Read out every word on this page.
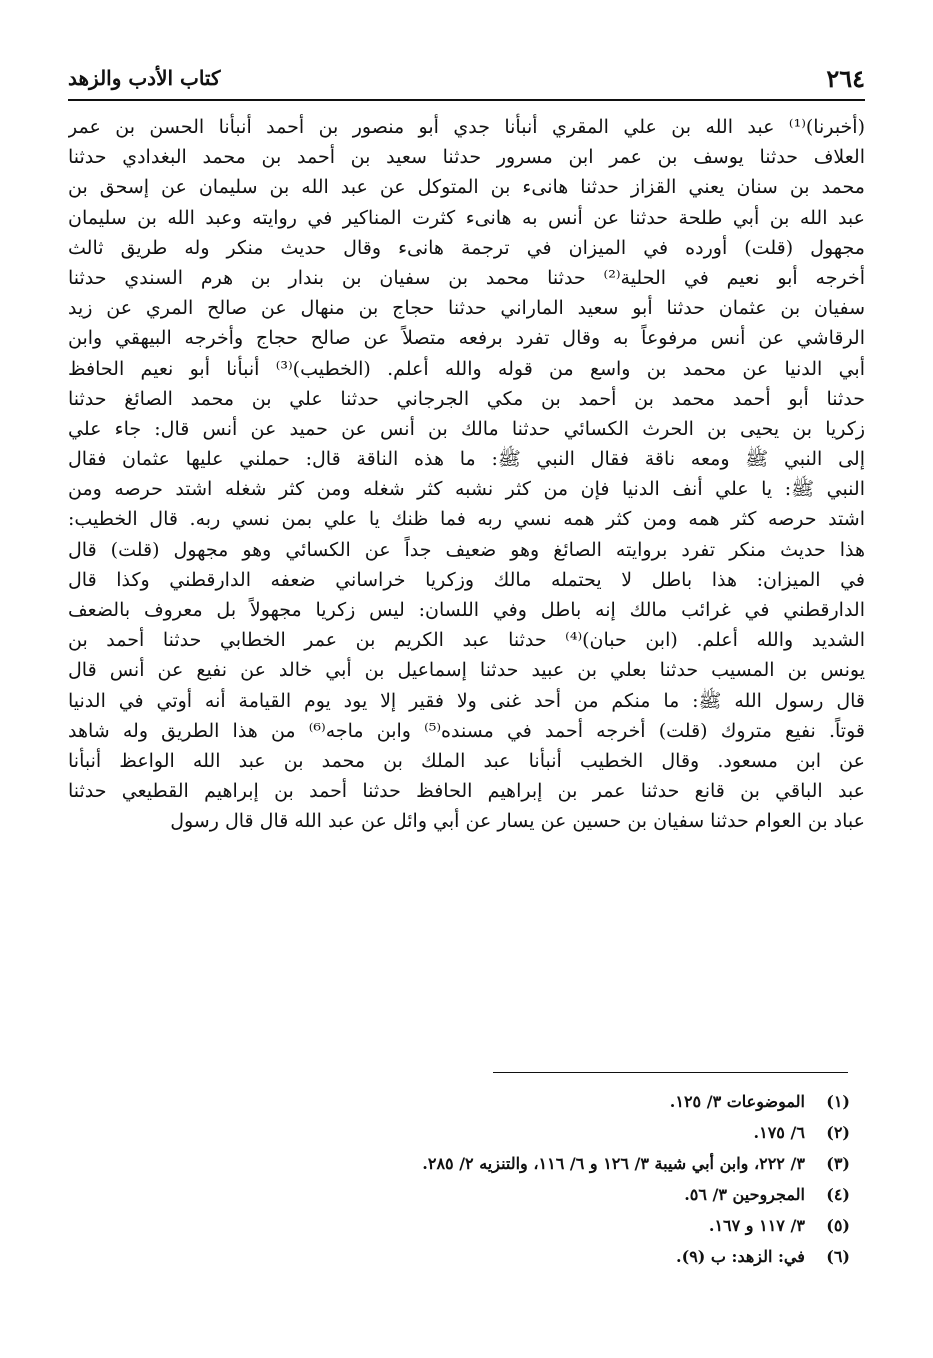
٢٦٤
كتاب الأدب والزهد
(أخبرنا)⁽¹⁾ عبد الله بن علي المقري أنبأنا جدي أبو منصور بن أحمد أنبأنا الحسن بن عمر
العلاف حدثنا يوسف بن عمر ابن مسرور حدثنا سعيد بن أحمد بن محمد البغدادي حدثنا
محمد بن سنان يعني القزاز حدثنا هانىء بن المتوكل عن عبد الله بن سليمان عن إسحق بن
عبد الله بن أبي طلحة حدثنا عن أنس به هانىء كثرت المناكير في روايته وعبد الله بن سليمان
مجهول (قلت) أورده في الميزان في ترجمة هانىء وقال حديث منكر وله طريق ثالث
أخرجه أبو نعيم في الحلية⁽²⁾ حدثنا محمد بن سفيان بن بندار بن هرم السندي حدثنا
سفيان بن عثمان حدثنا أبو سعيد الماراني حدثنا حجاج بن منهال عن صالح المري عن زيد
الرقاشي عن أنس مرفوعاً به وقال تفرد برفعه متصلاً عن صالح حجاج وأخرجه البيهقي وابن
أبي الدنيا عن محمد بن واسع من قوله والله أعلم. (الخطيب)⁽³⁾ أنبأنا أبو نعيم الحافظ
حدثنا أبو أحمد محمد بن أحمد بن مكي الجرجاني حدثنا علي بن محمد الصائغ حدثنا
زكريا بن يحيى بن الحرث الكسائي حدثنا مالك بن أنس عن حميد عن أنس قال: جاء علي
إلى النبي ﷺ ومعه ناقة فقال النبي ﷺ: ما هذه الناقة قال: حملني عليها عثمان فقال
النبي ﷺ: يا علي أنف الدنيا فإن من كثر نشبه كثر شغله ومن كثر شغله اشتد حرصه ومن
اشتد حرصه كثر همه ومن كثر همه نسي ربه فما ظنك يا علي بمن نسي ربه. قال الخطيب:
هذا حديث منكر تفرد بروايته الصائغ وهو ضعيف جداً عن الكسائي وهو مجهول (قلت) قال
في الميزان: هذا باطل لا يحتمله مالك وزكريا خراساني ضعفه الدارقطني وكذا قال
الدارقطني في غرائب مالك إنه باطل وفي اللسان: ليس زكريا مجهولاً بل معروف بالضعف
الشديد والله أعلم. (ابن حبان)⁽⁴⁾ حدثنا عبد الكريم بن عمر الخطابي حدثنا أحمد بن
يونس بن المسيب حدثنا بعلي بن عبيد حدثنا إسماعيل بن أبي خالد عن نفيع عن أنس قال
قال رسول الله ﷺ: ما منكم من أحد غنى ولا فقير إلا يود يوم القيامة أنه أوتي في الدنيا
قوتاً. نفيع متروك (قلت) أخرجه أحمد في مسنده⁽⁵⁾ وابن ماجه⁽⁶⁾ من هذا الطريق وله شاهد
عن ابن مسعود. وقال الخطيب أنبأنا عبد الملك بن محمد بن عبد الله الواعظ أنبأنا
عبد الباقي بن قانع حدثنا عمر بن إبراهيم الحافظ حدثنا أحمد بن إبراهيم القطيعي حدثنا
عباد بن العوام حدثنا سفيان بن حسين عن يسار عن أبي وائل عن عبد الله قال قال رسول
(١) الموضوعات ٣/ ١٢٥.
(٢) ٦/ ١٧٥.
(٣) ٣/ ٢٢٢، وابن أبي شيبة ٣/ ١٢٦ و ٦/ ١١٦، والتنزيه ٢/ ٢٨٥.
(٤) المجروحين ٣/ ٥٦.
(٥) ٣/ ١١٧ و ١٦٧.
(٦) في: الزهد: ب (٩).
